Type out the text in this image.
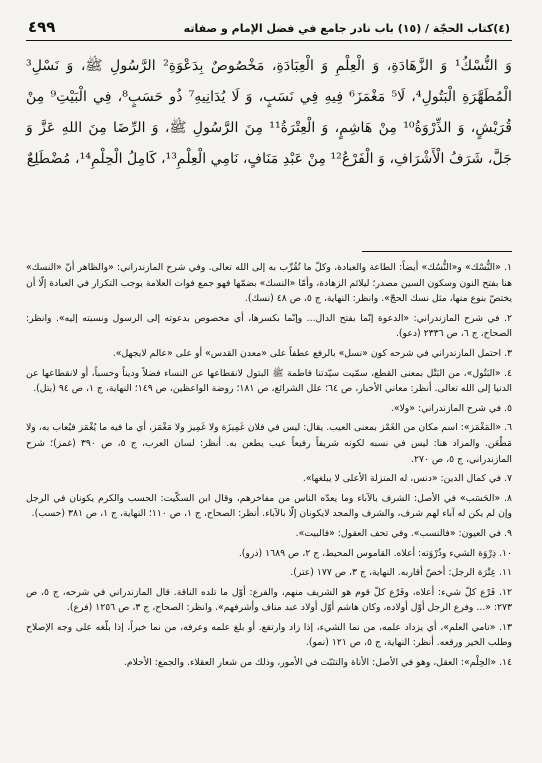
(٤)كتاب الحجّة / (١٥) باب نادر جامع في فضل الإمام و صفاته
٤٩٩

وَ النُّسْكُ¹ وَ الزَّهَادَةِ، وَ الْعِلْمِ وَ الْعِبَادَةِ، مَخْصُوصٌ بِدَعْوَةِ² الرَّسُولِ ﷺ، وَ نَسْلِ³ الْمُطَهَّرَةِ الْبَتُولِ⁴، لَا⁵ مَغْمَزَ⁶ فِيهِ فِي نَسَبٍ، وَ لَا يُدَانِيهِ⁷ ذُو حَسَبٍ⁸، فِي الْبَيْتِ⁹ مِنْ قُرَيْشٍ، وَ الذِّرْوَةُ¹⁰ مِنْ هَاشِمٍ، وَ الْعِتْرَةُ¹¹ مِنَ الرَّسُولِ ﷺ، وَ الرِّضَا مِنَ اللهِ عَزَّ وَ جَلَّ، شَرَفُ الْأَشْرَافِ، وَ الْفَرْعُ¹² مِنْ عَبْدِ مَنَافٍ، نَامِي الْعِلْمِ¹³، كَامِلُ الْحِلْمِ¹⁴، مُضْطَلِعٌ

١. «النُّسْك» و«النُّسُك» أيضاً: الطاعة والعبادة، وكلّ ما تُقُرِّب به إلى الله تعالى. وفي شرح المازندراني: «والظاهر أنّ «النسك» هنا بفتح النون وسكون السين مصدر؛ ليلائم الزهادة، وأمّا «النسك» بضمّها فهو جمع فوات العلامة يوجب التكرار في العبادة إلّا أن يختصّ بنوع منها، مثل نسك الحجّ». وانظر: النهاية، ج ٥، ص ٤٨ (نسك).

٢. في شرح المازندراني: «الدعوة إنّما بفتح الدال... وإنّما بكسرها، أي مخصوص بدعوته إلى الرسول ونسبته إليه». وانظر: الصحاح، ج ٦، ص ٢٣٣٦ (دعو).

٣. احتمل المازندراني في شرحه كون «نسل» بالرفع عطفاً على «معدن القدس» أو على «عالم لايجهل».

٤. «البَتُول»، من البَتْل بمعنى القطع، سمّيت سيّدتنا فاطمة ﷺ البتول لانقطاعها عن النساء فضلاً وديناً وحسباً، أو لانقطاعها عن الدنيا إلى الله تعالى. أنظر: معاني الأخبار، ص ٦٤؛ علل الشرائع، ص ١٨١؛ روضة الواعظين، ص ١٤٩؛ النهاية، ج ١، ص ٩٤ (بتل).

٥. في شرح المازندراني: «ولا».

٦. «المَغْمَز»: اسم مكان من الغَمْز بمعنى العيب. يقال: ليس في فلان غَمِيزَة ولا غَمِيز ولا مَغْمَز، أي ما فيه ما يُغْمَز فيُعاب به، ولا مَطْعَن. والمراد هنا: ليس في نسبه لكونه شريفاً رفيعاً عيب يطعن به. أنظر: لسان العرب، ج ٥، ص ٣٩٠ (غمز)؛ شرح المازندراني، ج ٥، ص ٢٧٠.

٧. في كمال الدين: «دنس، له المنزلة الأعلى لا يبلغها».

٨. «الحَسَب» في الأصل: الشرف بالآباء وما يعدّه الناس من مفاخرهم، وقال ابن السكّيت: الحسب والكرم يكونان في الرجل وإن لم يكن له آباء لهم شرف، والشرف والمجد لايكونان إلّا بالآباء. أنظر: الصحاح، ج ١، ص ١١٠؛ النهاية، ج ١، ص ٣٨١ (حسب).

٩. في العيون: «فالنسب». وفي تحف العقول: «فالبيت».

١٠. ذِرْوَة الشيء وذُرْوَته: أعلاه. القاموس المحيط، ج ٢، ص ١٦٨٩ (ذرو).

١١. عِتْرَة الرجل: أخصّ أقاربه. النهاية، ج ٣، ص ١٧٧ (عتر).

١٢. فَرْع كلّ شيء: أعلاه، وفَرْع كلّ قوم هو الشريف منهم، والفرع: أوّل ما تلده الناقة. قال المازندراني في شرحه، ج ٥، ص ٢٧٣: «... وفرع الرجل أوّل أولاده، وكان هاشم أوّل أولاد عبد مناف وأشرفهم». وانظر: الصحاح، ج ٣، ص ١٢٥٦ (فرع).

١٣. «نامي العلم»، أي يزداد علمه، من نما الشيء، إذا زاد وارتفع. أو بلغ علمه وعرفه، من نما خبراً، إذا بلّغه على وجه الإصلاح وطلب الخير ورفعه. أنظر: النهاية، ج ٥، ص ١٢١ (نمو).

١٤. «الحِلْم»: العقل، وهو في الأصل: الأناة والتثبّت في الأمور، وذلك من شعار العقلاء. والجمع: الأحلام.
